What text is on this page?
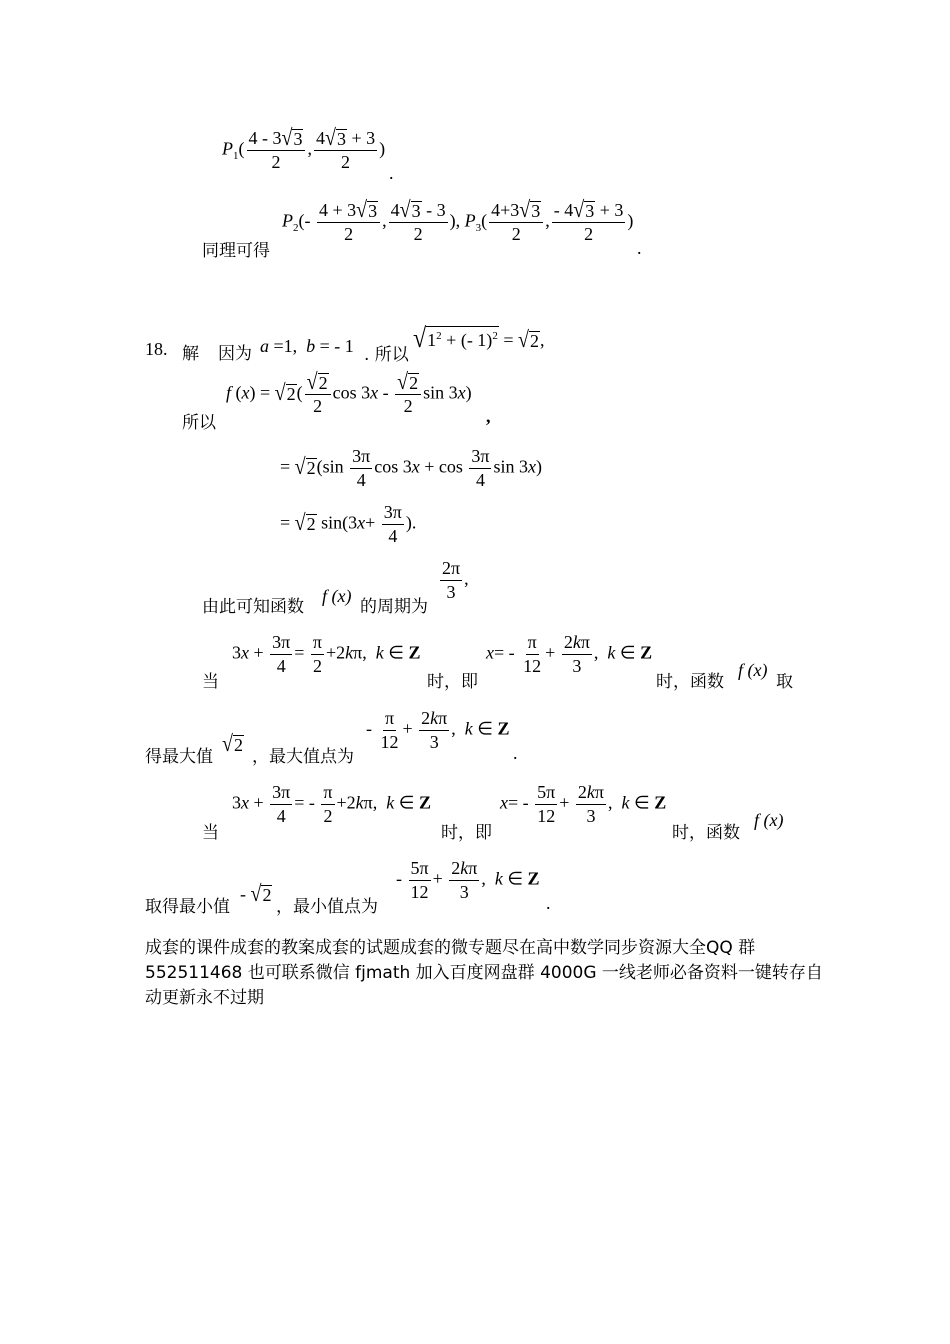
$P_1( \frac{4 - 3 √ 3}{2}$ , $\frac{4 √ 3 + 3}{2}$ )
.
同理可得
$P_2(- \frac{4 + 3 √ 3}{2}$ , $\frac{4 √ 3 - 3}{2}$ ), $P_3( \frac{4+3 √ 3}{2}$ , $\frac{- 4 √ 3 + 3}{2}$ )
.
18. 解 因为 a =1,  b = - 1 . 所以
√ $1^2$ + (- 1)$^2$ = √ 2 ,
所以
f (x) = √ 2 ( $\frac{√ 2}{2}$ $\cos 3x - \frac{√ 2}{2}$ sin 3x)
,
= √ 2 ($\sin \frac{3\pi}{4}$ $\cos 3x + \cos \frac{3\pi}{4}$ sin 3x)
= √ 2 $\sin(3x+ \frac{3\pi}{4}$ ).
由此可知函数
f (x)
的周期为
$\frac{2\pi}{3}$ ,
当
$3x + \frac{3\pi}{4} = \frac{\pi}{2} +2k\pi$,  k ∈ Z
时，即
$x= - \frac{\pi}{12} + \frac{2k\pi}{3}$ ,  k ∈ Z
时，函数
f (x)
取
得最大值
√ 2
，最大值点为
- $\frac{\pi}{12} + \frac{2k\pi}{3}$ ,  k ∈ Z
.
当
$3x + \frac{3\pi}{4}$ = - $\frac{\pi}{2} +2k\pi$,  k ∈ Z
时，即
$x= - \frac{5\pi}{12} + \frac{2k\pi}{3}$ ,  k ∈ Z
时，函数
f (x)
取得最小值
- √ 2
，最小值点为
- $\frac{5\pi}{12} + \frac{2k\pi}{3}$ ,  k ∈ Z
.
成套的课件成套的教案成套的试题成套的微专题尽在高中数学同步资源大全QQ 群 552511468 也可联系微信 fjmath 加入百度网盘群 4000G 一线老师必备资料一键转存自动更新永不过期
